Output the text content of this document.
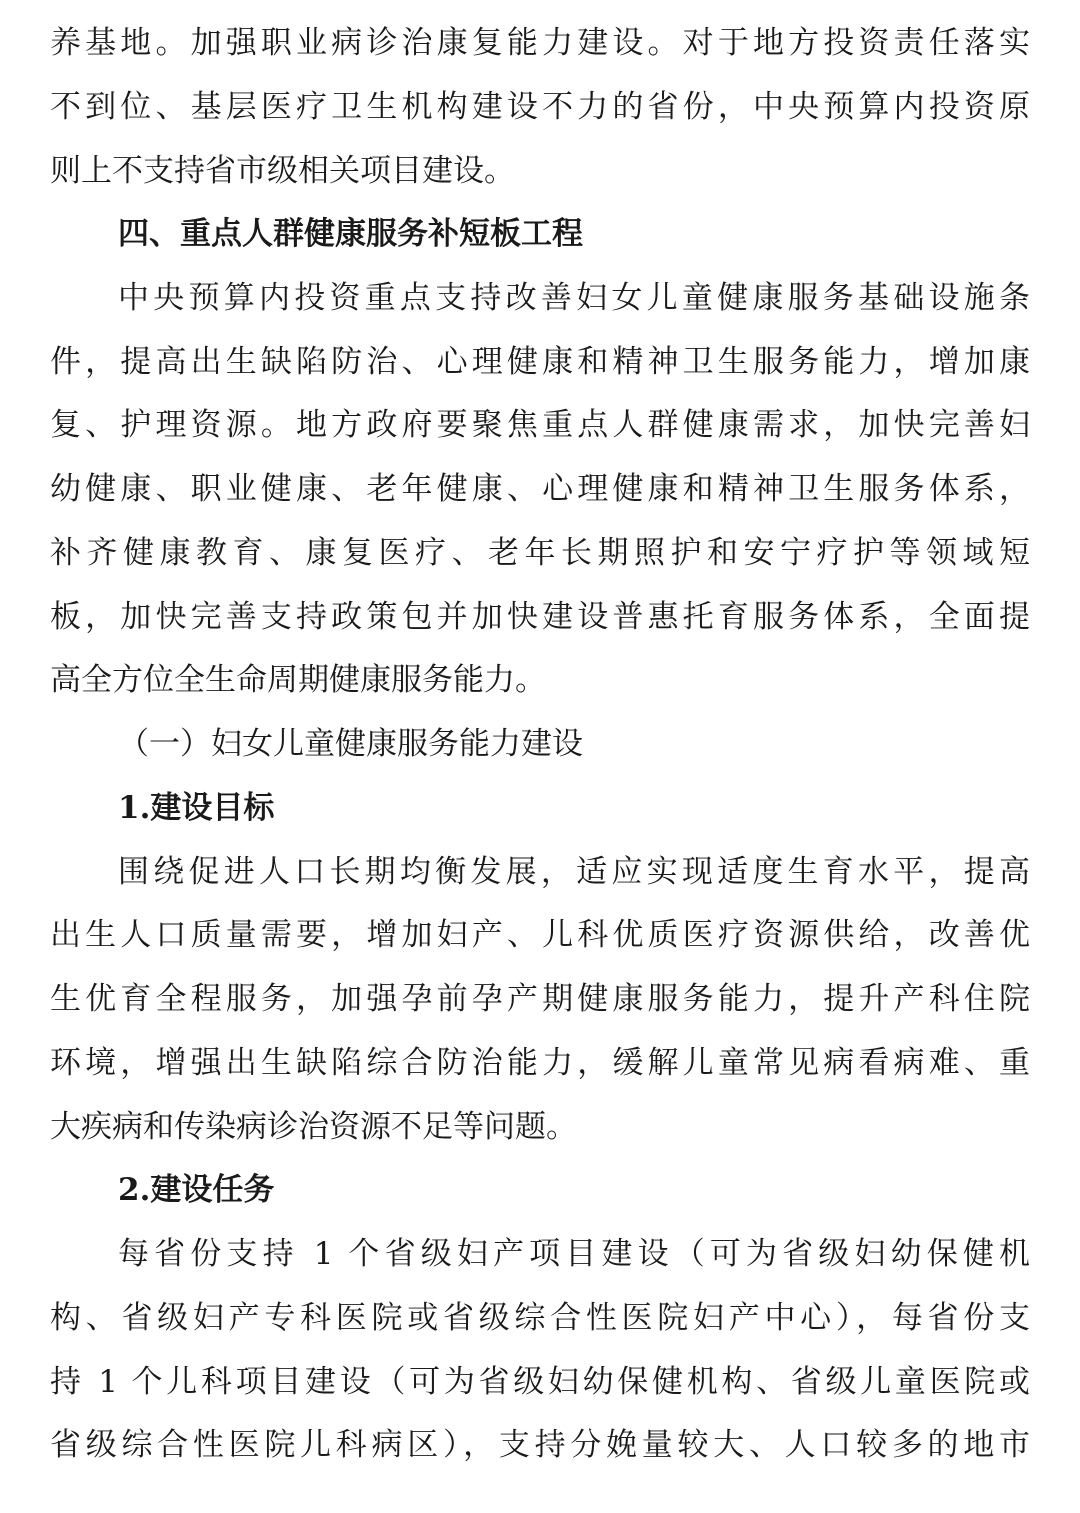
养基地。加强职业病诊治康复能力建设。对于地方投资责任落实
不到位、基层医疗卫生机构建设不力的省份，中央预算内投资原
则上不支持省市级相关项目建设。
四、重点人群健康服务补短板工程
中央预算内投资重点支持改善妇女儿童健康服务基础设施条
件，提高出生缺陷防治、心理健康和精神卫生服务能力，增加康
复、护理资源。地方政府要聚焦重点人群健康需求，加快完善妇
幼健康、职业健康、老年健康、心理健康和精神卫生服务体系，
补齐健康教育、康复医疗、老年长期照护和安宁疗护等领域短
板，加快完善支持政策包并加快建设普惠托育服务体系，全面提
高全方位全生命周期健康服务能力。
（一）妇女儿童健康服务能力建设
1.建设目标
围绕促进人口长期均衡发展，适应实现适度生育水平，提高
出生人口质量需要，增加妇产、儿科优质医疗资源供给，改善优
生优育全程服务，加强孕前孕产期健康服务能力，提升产科住院
环境，增强出生缺陷综合防治能力，缓解儿童常见病看病难、重
大疾病和传染病诊治资源不足等问题。
2.建设任务
每省份支持 1 个省级妇产项目建设（可为省级妇幼保健机
构、省级妇产专科医院或省级综合性医院妇产中心），每省份支
持 1 个儿科项目建设（可为省级妇幼保健机构、省级儿童医院或
省级综合性医院儿科病区），支持分娩量较大、人口较多的地市
